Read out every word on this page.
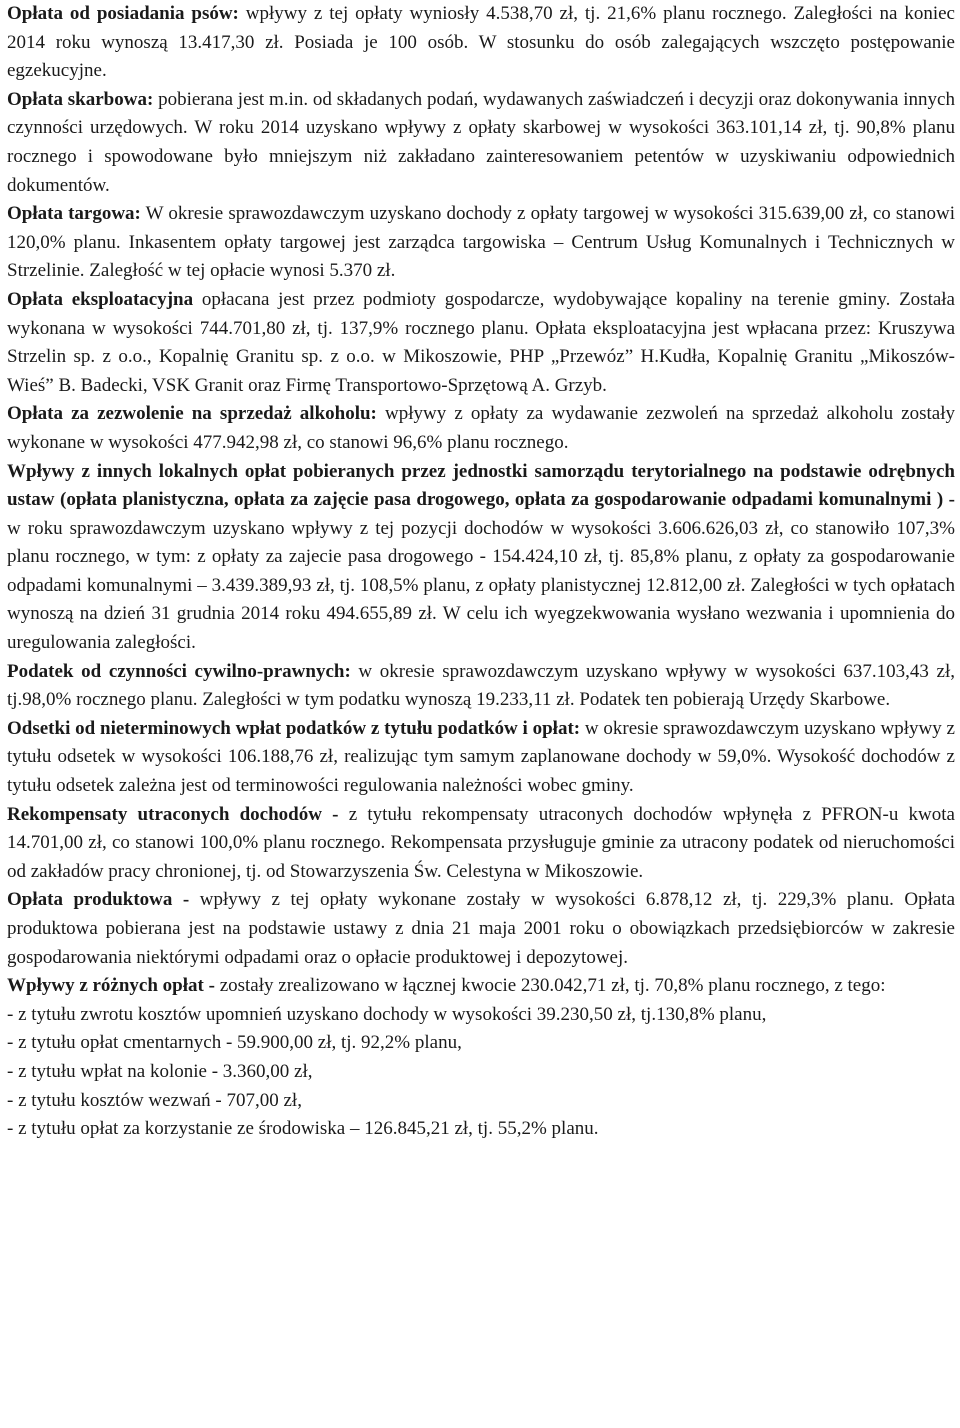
Opłata od posiadania psów: wpływy z tej opłaty wyniosły 4.538,70 zł, tj. 21,6% planu rocznego. Zaległości na koniec 2014 roku wynoszą 13.417,30 zł. Posiada je 100 osób. W stosunku do osób zalegających wszczęto postępowanie egzekucyjne.

Opłata skarbowa: pobierana jest m.in. od składanych podań, wydawanych zaświadczeń i decyzji oraz dokonywania innych czynności urzędowych. W roku 2014 uzyskano wpływy z opłaty skarbowej w wysokości 363.101,14 zł, tj. 90,8% planu rocznego i spowodowane było mniejszym niż zakładano zainteresowaniem petentów w uzyskiwaniu odpowiednich dokumentów.

Opłata targowa: W okresie sprawozdawczym uzyskano dochody z opłaty targowej w wysokości 315.639,00 zł, co stanowi 120,0% planu. Inkasentem opłaty targowej jest zarządca targowiska – Centrum Usług Komunalnych i Technicznych w Strzelinie. Zaległość w tej opłacie wynosi 5.370 zł.

Opłata eksploatacyjna opłacana jest przez podmioty gospodarcze, wydobywające kopaliny na terenie gminy. Została wykonana w wysokości 744.701,80 zł, tj. 137,9% rocznego planu. Opłata eksploatacyjna jest wpłacana przez: Kruszywa Strzelin sp. z o.o., Kopalnię Granitu sp. z o.o. w Mikoszowie, PHP „Przewóz” H.Kudła, Kopalnię Granitu „Mikoszów-Wieś” B. Badecki, VSK Granit oraz Firmę Transportowo-Sprzętową A. Grzyb.

Opłata za zezwolenie na sprzedaż alkoholu: wpływy z opłaty za wydawanie zezwoleń na sprzedaż alkoholu zostały wykonane w wysokości 477.942,98 zł, co stanowi 96,6% planu rocznego.

Wpływy z innych lokalnych opłat pobieranych przez jednostki samorządu terytorialnego na podstawie odrębnych ustaw (opłata planistyczna, opłata za zajęcie pasa drogowego, opłata za gospodarowanie odpadami komunalnymi ) - w roku sprawozdawczym uzyskano wpływy z tej pozycji dochodów w wysokości 3.606.626,03 zł, co stanowiło 107,3% planu rocznego, w tym: z opłaty za zajecie pasa drogowego - 154.424,10 zł, tj. 85,8% planu, z opłaty za gospodarowanie odpadami komunalnymi – 3.439.389,93 zł, tj. 108,5% planu, z opłaty planistycznej 12.812,00 zł. Zaległości w tych opłatach wynoszą na dzień 31 grudnia 2014 roku 494.655,89 zł. W celu ich wyegzekwowania wysłano wezwania i upomnienia do uregulowania zaległości.

Podatek od czynności cywilno-prawnych: w okresie sprawozdawczym uzyskano wpływy w wysokości 637.103,43 zł, tj.98,0% rocznego planu. Zaległości w tym podatku wynoszą 19.233,11 zł. Podatek ten pobierają Urzędy Skarbowe.

Odsetki od nieterminowych wpłat podatków z tytułu podatków i opłat: w okresie sprawozdawczym uzyskano wpływy z tytułu odsetek w wysokości 106.188,76 zł, realizując tym samym zaplanowane dochody w 59,0%. Wysokość dochodów z tytułu odsetek zależna jest od terminowości regulowania należności wobec gminy.

Rekompensaty utraconych dochodów - z tytułu rekompensaty utraconych dochodów wpłynęła z PFRON-u kwota 14.701,00 zł, co stanowi 100,0% planu rocznego. Rekompensata przysługuje gminie za utracony podatek od nieruchomości od zakładów pracy chronionej, tj. od Stowarzyszenia Św. Celestyna w Mikoszowie.

Opłata produktowa - wpływy z tej opłaty wykonane zostały w wysokości 6.878,12 zł, tj. 229,3% planu. Opłata produktowa pobierana jest na podstawie ustawy z dnia 21 maja 2001 roku o obowiązkach przedsiębiorców w zakresie gospodarowania niektórymi odpadami oraz o opłacie produktowej i depozytowej.

Wpływy z różnych opłat - zostały zrealizowano w łącznej kwocie 230.042,71 zł, tj. 70,8% planu rocznego, z tego:

- z tytułu zwrotu kosztów upomnień uzyskano dochody w wysokości 39.230,50 zł, tj.130,8% planu,

- z tytułu opłat cmentarnych - 59.900,00 zł, tj. 92,2% planu,

- z tytułu wpłat na kolonie - 3.360,00 zł,

- z tytułu kosztów wezwań - 707,00 zł,

- z tytułu opłat za korzystanie ze środowiska – 126.845,21 zł, tj. 55,2% planu.
